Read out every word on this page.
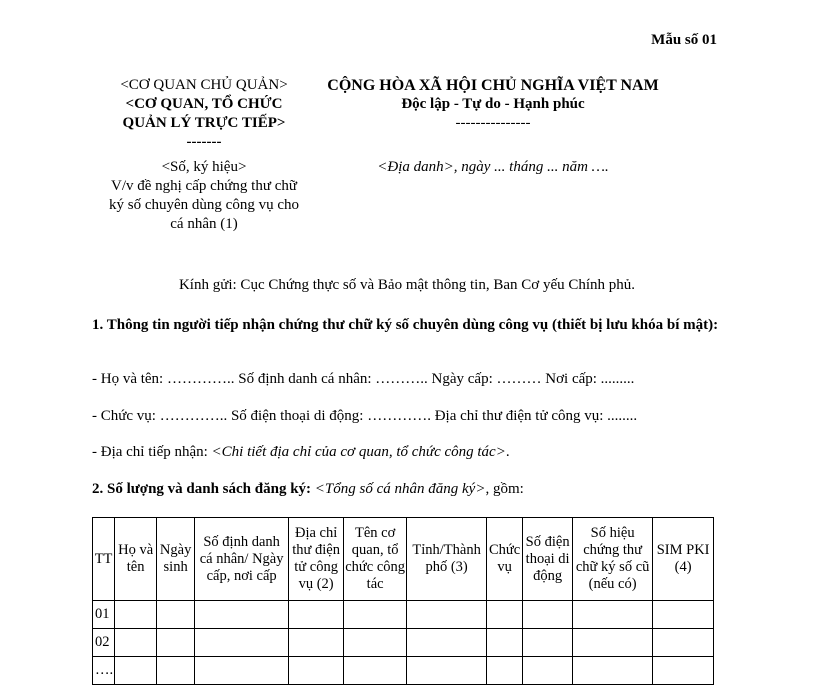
Mẫu số 01
<CƠ QUAN CHỦ QUẢN>
<CƠ QUAN, TỔ CHỨC
QUẢN LÝ TRỰC TIẾP>
-------
CỘNG HÒA XÃ HỘI CHỦ NGHĨA VIỆT NAM
Độc lập - Tự do - Hạnh phúc
---------------
<Số, ký hiệu>
V/v đề nghị cấp chứng thư chữ
ký số chuyên dùng công vụ cho
cá nhân (1)
<Địa danh>, ngày ... tháng ... năm ….
Kính gửi: Cục Chứng thực số và Bảo mật thông tin, Ban Cơ yếu Chính phủ.
1. Thông tin người tiếp nhận chứng thư chữ ký số chuyên dùng công vụ (thiết bị lưu khóa bí mật):
- Họ và tên: ………….. Số định danh cá nhân: ……….. Ngày cấp: ……… Nơi cấp: .........
- Chức vụ: ………….. Số điện thoại di động: …………. Địa chỉ thư điện tử công vụ: ........
- Địa chỉ tiếp nhận: <Chi tiết địa chỉ của cơ quan, tổ chức công tác>.
2. Số lượng và danh sách đăng ký: <Tổng số cá nhân đăng ký>, gồm:
TT	Họ và tên	Ngày sinh	Số định danh cá nhân/ Ngày cấp, nơi cấp	Địa chỉ thư điện tử công vụ (2)	Tên cơ quan, tổ chức công tác	Tỉnh/Thành phố (3)	Chức vụ	Số điện thoại di động	Số hiệu chứng thư chữ ký số cũ (nếu có)	SIM PKI (4)
01										
02										
….										
